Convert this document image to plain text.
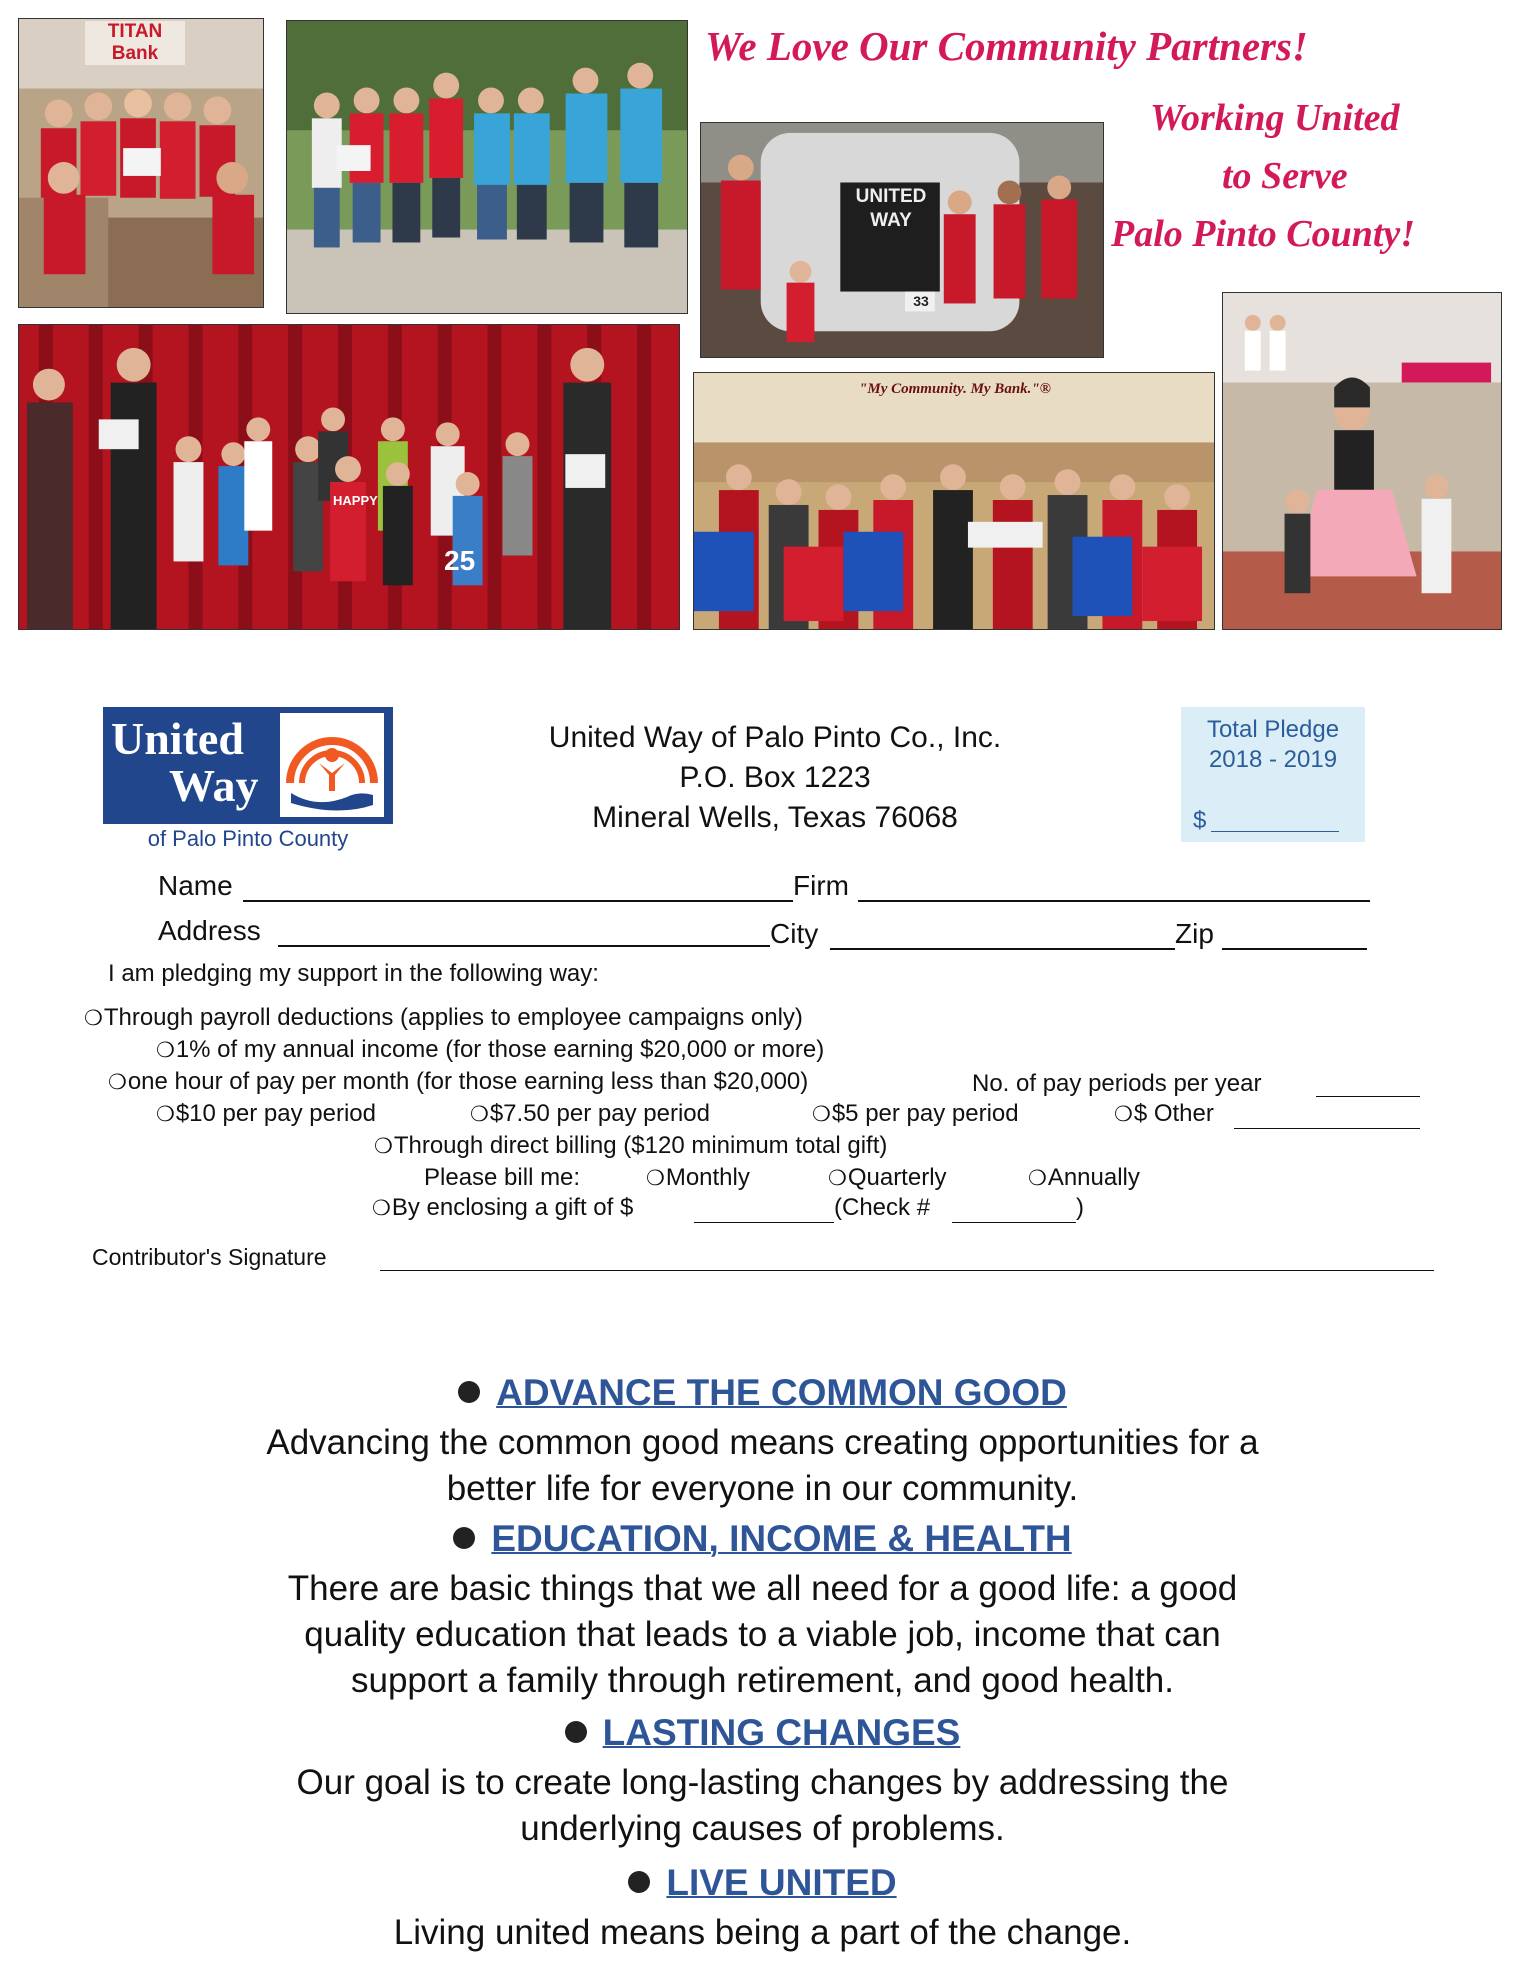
We Love Our Community Partners!
Working United
to Serve
Palo Pinto County!
TITAN Bank
UNITED
WAY
33
HAPPY
25
"My Community. My Bank."®
United
Way
of Palo Pinto County
United Way of Palo Pinto Co., Inc.
P.O. Box 1223
Mineral Wells, Texas 76068
Total Pledge
2018 - 2019
$
Name	Firm
Address	City	Zip
I am pledging my support in the following way:
❍Through payroll deductions (applies to employee campaigns only)
❍1% of my annual income (for those earning $20,000 or more)
❍one hour of pay per month (for those earning less than $20,000)	No. of pay periods per year
❍$10 per pay period	❍$7.50 per pay period	❍$5 per pay period	❍$ Other
❍Through direct billing ($120 minimum total gift)
Please bill me:	❍Monthly	❍Quarterly	❍Annually
❍By enclosing a gift of $	(Check #	)
Contributor's Signature
ADVANCE THE COMMON GOOD
Advancing the common good means creating opportunities for a
better life for everyone in our community.
EDUCATION, INCOME & HEALTH
There are basic things that we all need for a good life: a good
quality education that leads to a viable job, income that can
support a family through retirement, and good health.
LASTING CHANGES
Our goal is to create long-lasting changes by addressing the
underlying causes of problems.
LIVE UNITED
Living united means being a part of the change.
